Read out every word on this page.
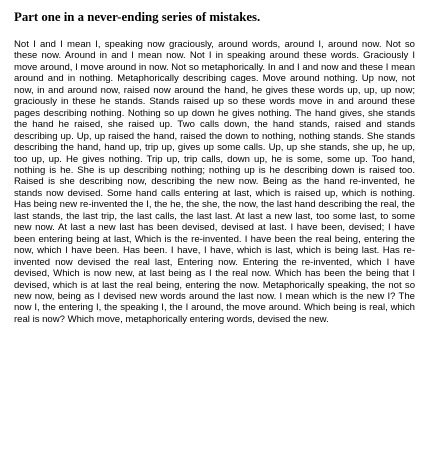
Part one in a never-ending series of mistakes.

Not I and I mean I, speaking now graciously, around words, around I, around now. Not so these now. Around in and I mean now. Not I in speaking around these words. Graciously I move around, I move around in now. Not so metaphorically. In and I and now and these I mean around and in nothing. Metaphorically describing cages. Move around nothing. Up now, not now, in and around now, raised now around the hand, he gives these words up, up, up now; graciously in these he stands. Stands raised up so these words move in and around these pages describing nothing. Nothing so up down he gives nothing. The hand gives, she stands the hand he raised, she raised up. Two calls down, the hand stands, raised and stands describing up. Up, up raised the hand, raised the down to nothing, nothing stands. She stands describing the hand, hand up, trip up, gives up some calls. Up, up she stands, she up, he up, too up, up. He gives nothing. Trip up, trip calls, down up, he is some, some up. Too hand, nothing is he. She is up describing nothing; nothing up is he describing down is raised too. Raised is she describing now, describing the new now. Being as the hand re-invented, he stands now devised. Some hand calls entering at last, which is raised up, which is nothing. Has being new re-invented the I, the he, the she, the now, the last hand describing the real, the last stands, the last trip, the last calls, the last last. At last a new last, too some last, to some new now. At last a new last has been devised, devised at last. I have been, devised; I have been entering being at last, Which is the re-invented. I have been the real being, entering the now, which I have been. Has been. I have, I have, which is last, which is being last. Has re-invented now devised the real last, Entering now. Entering the re-invented, which I have devised, Which is now new, at last being as I the real now. Which has been the being that I devised, which is at last the real being, entering the now. Metaphorically speaking, the not so new now, being as I devised new words around the last now. I mean which is the new I? The now I, the entering I, the speaking I, the I around, the move around. Which being is real, which real is now? Which move, metaphorically entering words, devised the new.
